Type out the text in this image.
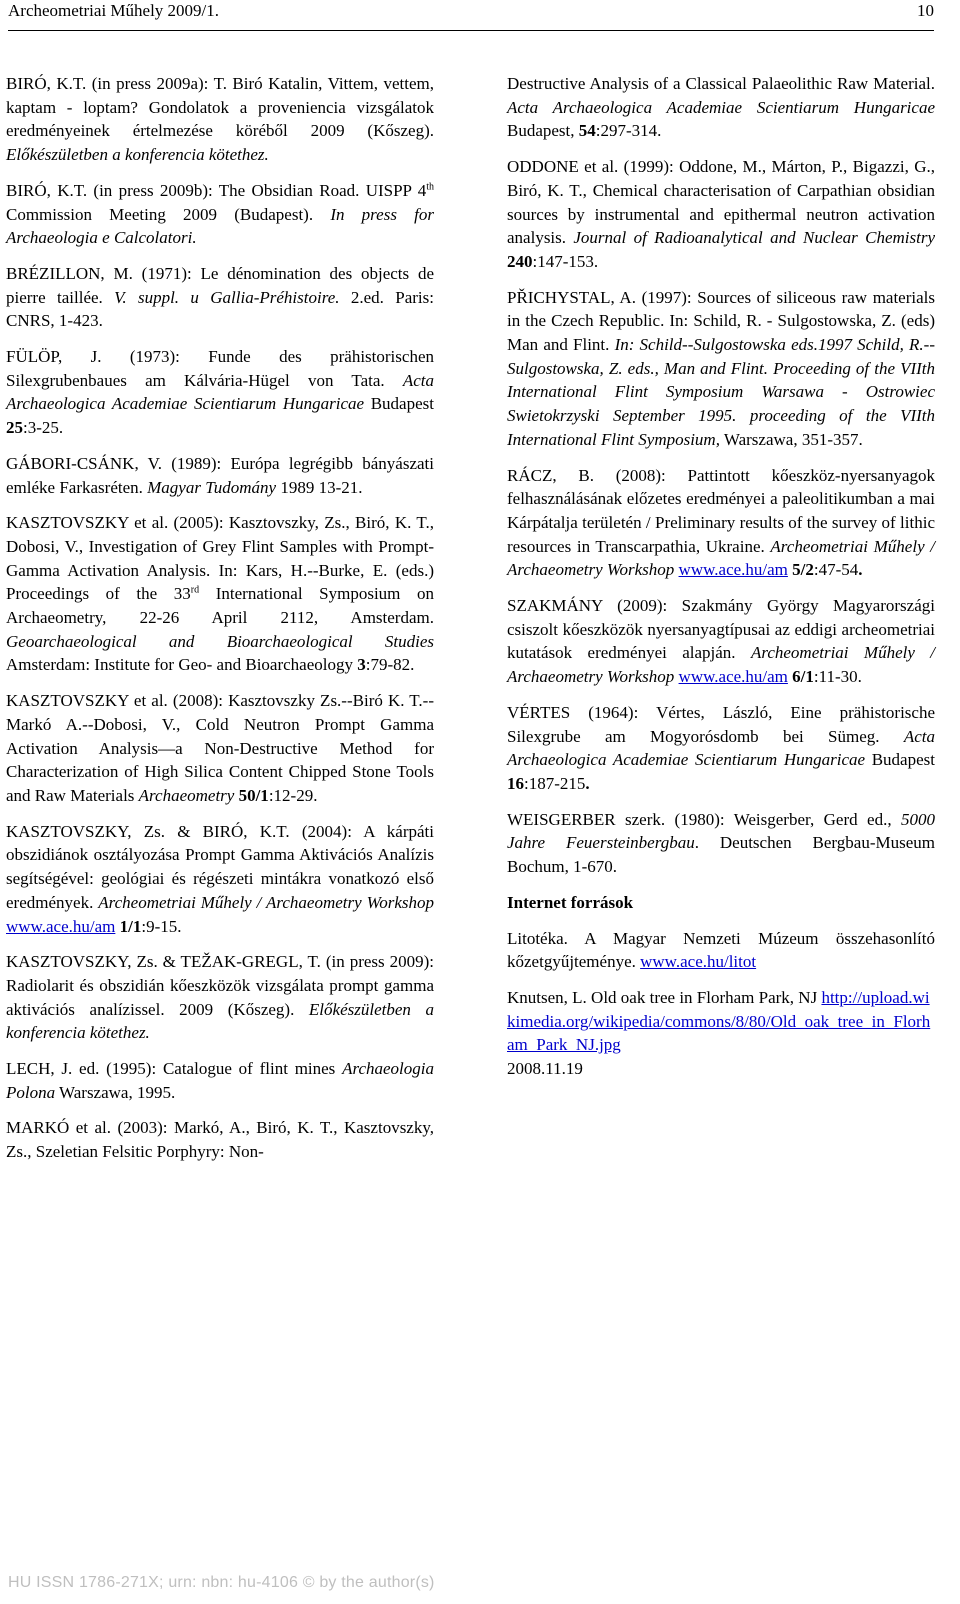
Archeometriai Műhely 2009/1.	10

BIRÓ, K.T. (in press 2009a): T. Biró Katalin, Vittem, vettem, kaptam - loptam? Gondolatok a proveniencia vizsgálatok eredményeinek értelmezése köréből 2009 (Kőszeg). Előkészületben a konferencia kötethez.

BIRÓ, K.T. (in press 2009b): The Obsidian Road. UISPP 4th Commission Meeting 2009 (Budapest). In press for Archaeologia e Calcolatori.

BRÉZILLON, M. (1971): Le dénomination des objects de pierre taillée. V. suppl. u Gallia-Préhistoire. 2.ed. Paris: CNRS, 1-423.

FÜLÖP, J. (1973): Funde des prähistorischen Silexgrubenbaues am Kálvária-Hügel von Tata. Acta Archaeologica Academiae Scientiarum Hungaricae Budapest 25:3-25.

GÁBORI-CSÁNK, V. (1989): Európa legrégibb bányászati emléke Farkasréten. Magyar Tudomány 1989 13-21.

KASZTOVSZKY et al. (2005): Kasztovszky, Zs., Biró, K. T., Dobosi, V., Investigation of Grey Flint Samples with Prompt-Gamma Activation Analysis. In: Kars, H.--Burke, E. (eds.) Proceedings of the 33rd International Symposium on Archaeometry, 22-26 April 2112, Amsterdam. Geoarchaeological and Bioarchaeological Studies Amsterdam: Institute for Geo- and Bioarchaeology 3:79-82.

KASZTOVSZKY et al. (2008): Kasztovszky Zs.--Biró K. T.--Markó A.--Dobosi, V., Cold Neutron Prompt Gamma Activation Analysis—a Non-Destructive Method for Characterization of High Silica Content Chipped Stone Tools and Raw Materials Archaeometry 50/1:12-29.

KASZTOVSZKY, Zs. & BIRÓ, K.T. (2004): A kárpáti obszidiánok osztályozása Prompt Gamma Aktivációs Analízis segítségével: geológiai és régészeti mintákra vonatkozó első eredmények. Archeometriai Műhely / Archaeometry Workshop www.ace.hu/am 1/1:9-15.

KASZTOVSZKY, Zs. & TEŽAK-GREGL, T. (in press 2009): Radiolarit és obszidián kőeszközök vizsgálata prompt gamma aktivációs analízissel. 2009 (Kőszeg). Előkészületben a konferencia kötethez.

LECH, J. ed. (1995): Catalogue of flint mines Archaeologia Polona Warszawa, 1995.

MARKÓ et al. (2003): Markó, A., Biró, K. T., Kasztovszky, Zs., Szeletian Felsitic Porphyry: Non-

Destructive Analysis of a Classical Palaeolithic Raw Material. Acta Archaeologica Academiae Scientiarum Hungaricae Budapest, 54:297-314.

ODDONE et al. (1999): Oddone, M., Márton, P., Bigazzi, G., Biró, K. T., Chemical characterisation of Carpathian obsidian sources by instrumental and epithermal neutron activation analysis. Journal of Radioanalytical and Nuclear Chemistry 240:147-153.

PŘICHYSTAL, A. (1997): Sources of siliceous raw materials in the Czech Republic. In: Schild, R. - Sulgostowska, Z. (eds) Man and Flint. In: Schild--Sulgostowska eds.1997 Schild, R.--Sulgostowska, Z. eds., Man and Flint. Proceeding of the VIIth International Flint Symposium Warsawa - Ostrowiec Swietokrzyski September 1995. proceeding of the VIIth International Flint Symposium, Warszawa, 351-357.

RÁCZ, B. (2008): Pattintott kőeszköz-nyersanyagok felhasználásának előzetes eredményei a paleolitikumban a mai Kárpátalja területén / Preliminary results of the survey of lithic resources in Transcarpathia, Ukraine. Archeometriai Műhely / Archaeometry Workshop www.ace.hu/am 5/2:47-54.

SZAKMÁNY (2009): Szakmány György Magyarországi csiszolt kőeszközök nyersanyagtípusai az eddigi archeometriai kutatások eredményei alapján. Archeometriai Műhely / Archaeometry Workshop www.ace.hu/am 6/1:11-30.

VÉRTES (1964): Vértes, László, Eine prähistorische Silexgrube am Mogyorósdomb bei Sümeg. Acta Archaeologica Academiae Scientiarum Hungaricae Budapest 16:187-215.

WEISGERBER szerk. (1980): Weisgerber, Gerd ed., 5000 Jahre Feuersteinbergbau. Deutschen Bergbau-Museum Bochum, 1-670.

Internet források

Litotéka. A Magyar Nemzeti Múzeum összehasonlító kőzetgyűjteménye. www.ace.hu/litot

Knutsen, L. Old oak tree in Florham Park, NJ http://upload.wikimedia.org/wikipedia/commons/8/80/Old_oak_tree_in_Florham_Park_NJ.jpg
2008.11.19

HU ISSN 1786-271X; urn: nbn: hu-4106 © by the author(s)
